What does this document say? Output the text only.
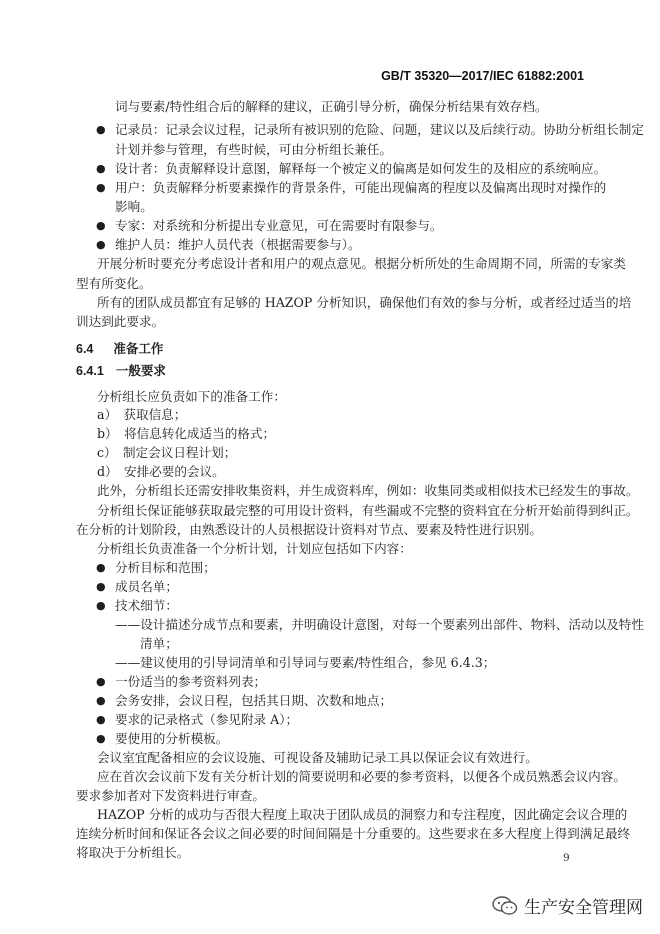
GB/T 35320—2017/IEC 61882:2001
词与要素/特性组合后的解释的建议，正确引导分析，确保分析结果有效存档。
● 记录员：记录会议过程，记录所有被识别的危险、问题，建议以及后续行动。协助分析组长制定
计划并参与管理，有些时候，可由分析组长兼任。
● 设计者：负责解释设计意图，解释每一个被定义的偏离是如何发生的及相应的系统响应。
● 用户：负责解释分析要素操作的背景条件，可能出现偏离的程度以及偏离出现时对操作的
影响。
● 专家：对系统和分析提出专业意见，可在需要时有限参与。
● 维护人员：维护人员代表（根据需要参与）。
开展分析时要充分考虑设计者和用户的观点意见。根据分析所处的生命周期不同，所需的专家类
型有所变化。
所有的团队成员都宜有足够的 HAZOP 分析知识，确保他们有效的参与分析，或者经过适当的培
训达到此要求。
6.4 准备工作
6.4.1 一般要求
分析组长应负责如下的准备工作：
a）　获取信息；
b）　将信息转化成适当的格式；
c）　制定会议日程计划；
d）　安排必要的会议。
此外，分析组长还需安排收集资料，并生成资料库，例如：收集同类或相似技术已经发生的事故。
分析组长保证能够获取最完整的可用设计资料，有些漏或不完整的资料宜在分析开始前得到纠正。
在分析的计划阶段，由熟悉设计的人员根据设计资料对节点、要素及特性进行识别。
分析组长负责准备一个分析计划，计划应包括如下内容：
● 分析目标和范围；
● 成员名单；
● 技术细节：
——设计描述分成节点和要素，并明确设计意图，对每一个要素列出部件、物料、活动以及特性
清单；
——建议使用的引导词清单和引导词与要素/特性组合，参见 6.4.3；
● 一份适当的参考资料列表；
● 会务安排，会议日程，包括其日期、次数和地点；
● 要求的记录格式（参见附录 A）；
● 要使用的分析模板。
会议室宜配备相应的会议设施、可视设备及辅助记录工具以保证会议有效进行。
应在首次会议前下发有关分析计划的简要说明和必要的参考资料，以便各个成员熟悉会议内容。
要求参加者对下发资料进行审查。
HAZOP 分析的成功与否很大程度上取决于团队成员的洞察力和专注程度，因此确定会议合理的
连续分析时间和保证各会议之间必要的时间间隔是十分重要的。这些要求在多大程度上得到满足最终
将取决于分析组长。	9
生产安全管理网
